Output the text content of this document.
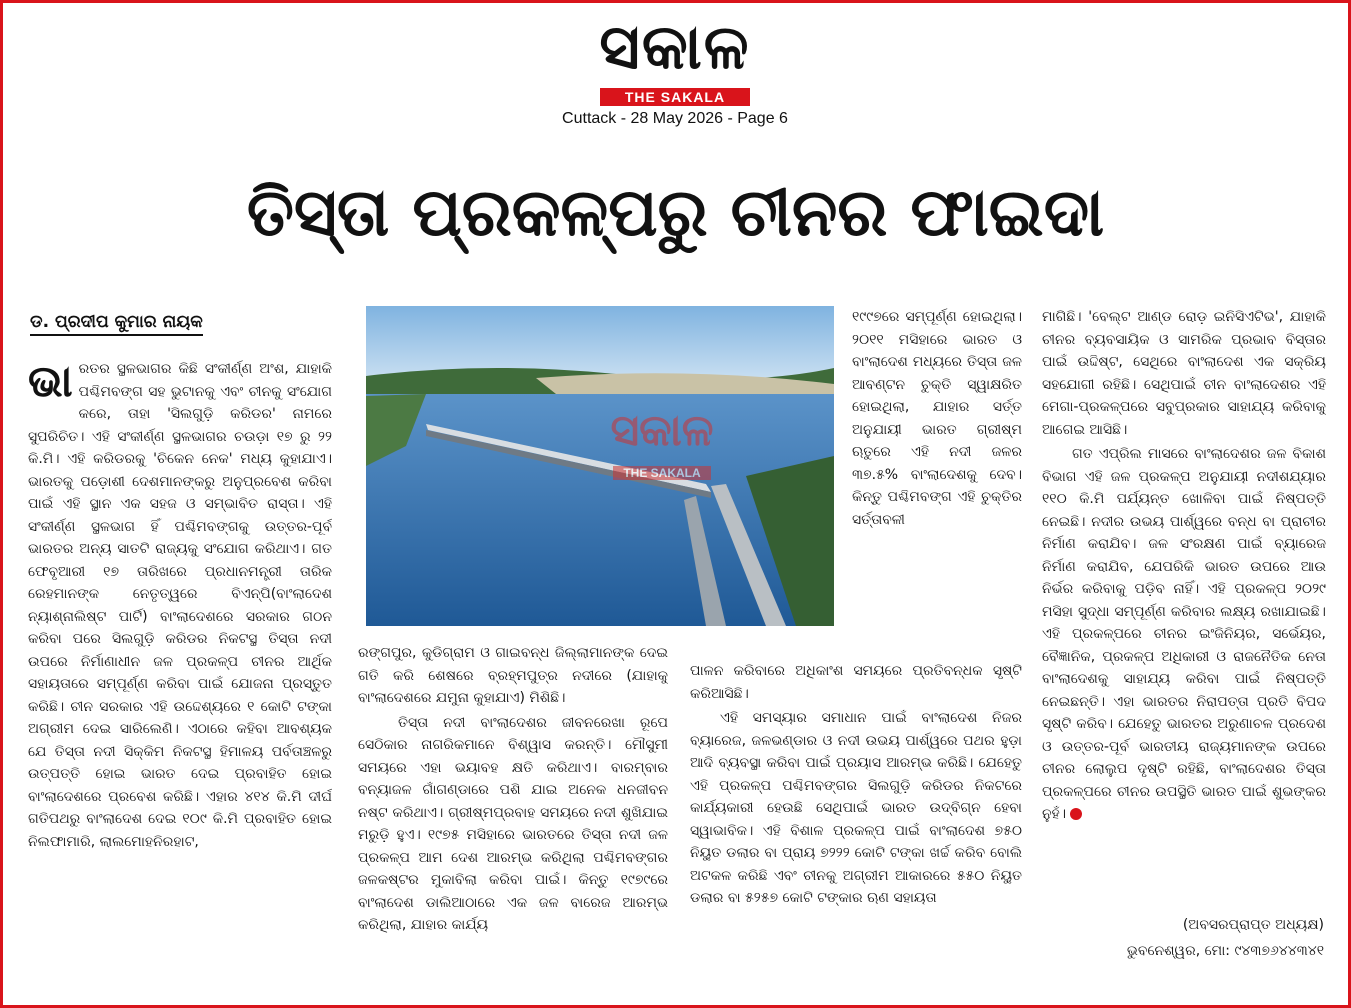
ସକାଳ
THE SAKALA
Cuttack - 28 May 2026 - Page 6
ତିସ୍ତା ପ୍ରକଳ୍ପରୁ ଚୀନର ଫାଇଦା
ଡ. ପ୍ରଦୀପ କୁମାର ନାୟକ
ଭା ରତର ସ୍ଥଳଭାଗର କିଛି ସଂକୀର୍ଣ୍ଣ ଅଂଶ, ଯାହାକି ପଶ୍ଚିମବଙ୍ଗ ସହ ଭୁଟାନକୁ ଏବଂ ଚୀନକୁ ସଂଯୋଗ କରେ, ତାହା 'ସିଲଗୁଡ଼ି କରିଡର' ନାମରେ ସୁପରିଚିତ। ଏହି ସଂକୀର୍ଣ୍ଣ ସ୍ଥଳଭାଗର ଚଉଡ଼ା ୧୭ ରୁ ୨୨ କି.ମି। ଏହି କରିଡରକୁ 'ଚିକେନ ନେକ' ମଧ୍ୟ କୁହାଯାଏ। ଭାରତକୁ ପଡ଼ୋଶୀ ଦେଶମାନଙ୍କରୁ ଅନୁପ୍ରବେଶ କରିବା ପାଇଁ ଏହି ସ୍ଥାନ ଏକ ସହଜ ଓ ସମ୍ଭାବିତ ରାସ୍ତା। ଏହି ସଂକୀର୍ଣ୍ଣ ସ୍ଥଳଭାଗ ହିଁ ପଶ୍ଚିମବଙ୍ଗକୁ ଉତ୍ତର-ପୂର୍ବ ଭାରତର ଅନ୍ୟ ସାତଟି ରାଜ୍ୟକୁ ସଂଯୋଗ କରିଥାଏ। ଗତ ଫେବୃଆରୀ ୧୭ ତାରିଖରେ ପ୍ରଧାନମନ୍ତ୍ରୀ ତାରିକ ରେହମାନଙ୍କ ନେତୃତ୍ୱରେ ବିଏନ୍‌ପି(ବାଂଲାଦେଶ ନ୍ୟାଶ୍ନାଲିଷ୍ଟ ପାର୍ଟି) ବାଂଲାଦେଶରେ ସରକାର ଗଠନ କରିବା ପରେ ସିଲଗୁଡ଼ି କରିଡର ନିକଟସ୍ଥ ତିସ୍ତା ନଦୀ ଉପରେ ନିର୍ମାଣାଧୀନ ଜଳ ପ୍ରକଳ୍ପ ଚୀନର ଆର୍ଥିକ ସହାୟତାରେ ସମ୍ପୂର୍ଣ୍ଣ କରିବା ପାଇଁ ଯୋଜନା ପ୍ରସ୍ତୁତ କରିଛି। ଚୀନ ସରକାର ଏହି ଉଦ୍ଦେଶ୍ୟରେ ୧ କୋଟି ଟଙ୍କା ଅଗ୍ରୀମ ଦେଇ ସାରିଲେଣି। ଏଠାରେ କହିବା ଆବଶ୍ୟକ ଯେ ତିସ୍ତା ନଦୀ ସିକ୍କିମ ନିକଟସ୍ଥ ହିମାଳୟ ପର୍ବତାଞ୍ଚଳରୁ ଉତ୍ପତ୍ତି ହୋଇ ଭାରତ ଦେଇ ପ୍ରବାହିତ ହୋଇ ବାଂଲାଦେଶରେ ପ୍ରବେଶ କରିଛି। ଏହାର ୪୧୪ କି.ମି ଦୀର୍ଘ ଗତିପଥରୁ ବାଂଲାଦେଶ ଦେଇ ୧୦୯ କି.ମି ପ୍ରବାହିତ ହୋଇ ନିଲଫାମାରି, ଲାଲମୋହନିରହାଟ,
ସକାଳ
THE SAKALA

ରଙ୍ଗପୁର, କୁଡିଗ୍ରାମ ଓ ଗାଇବନ୍ଧ ଜିଲ୍ଲାମାନଙ୍କ ଦେଇ ଗତି କରି ଶେଷରେ ବ୍ରହ୍ମପୁତ୍ର ନଦୀରେ (ଯାହାକୁ ବାଂଲାଦେଶରେ ଯମୁନା କୁହାଯାଏ) ମିଶିଛି।

ତିସ୍ତା ନଦୀ ବାଂଲାଦେଶର ଜୀବନରେଖା ରୂପେ ସେଠିକାର ନାଗରିକମାନେ ବିଶ୍ୱାସ କରନ୍ତି। ମୌସୁମୀ ସମୟରେ ଏହା ଭୟାବହ କ୍ଷତି କରିଥାଏ। ବାରମ୍ବାର ବନ୍ୟାଜଳ ଗାଁଗଣ୍ଡାରେ ପଶି ଯାଇ ଅନେକ ଧନଜୀବନ ନଷ୍ଟ କରିଥାଏ। ଗ୍ରୀଷ୍ମପ୍ରବାହ ସମୟରେ ନଦୀ ଶୁଖିଯାଇ ମରୁଡ଼ି ହୁଏ। ୧୯୭୫ ମସିହାରେ ଭାରତରେ ତିସ୍ତା ନଦୀ ଜଳ ପ୍ରକଳ୍ପ ଆମ ଦେଶ ଆରମ୍ଭ କରିଥିଲା ପଶ୍ଚିମବଙ୍ଗର ଜଳକଷ୍ଟର ମୁକାବିଲା କରିବା ପାଇଁ। କିନ୍ତୁ ୧୯୭୯ରେ ବାଂଲାଦେଶ ଡାଲିଆଠାରେ ଏକ ଜଳ ବାରେଜ ଆରମ୍ଭ କରିଥିଲା, ଯାହାର କାର୍ଯ୍ୟ

୧୯୯୭ରେ ସମ୍ପୂର୍ଣ୍ଣ ହୋଇଥିଲା। ୨୦୧୧ ମସିହାରେ ଭାରତ ଓ ବାଂଲାଦେଶ ମଧ୍ୟରେ ତିସ୍ତା ଜଳ ଆବଣ୍ଟନ ଚୁକ୍ତି ସ୍ୱାକ୍ଷରିତ ହୋଇଥିଲା, ଯାହାର ସର୍ତ୍ତ ଅନୁଯାୟୀ ଭାରତ ଗ୍ରୀଷ୍ମ ଋତୁରେ ଏହି ନଦୀ ଜଳର ୩୭.୫% ବାଂଲାଦେଶକୁ ଦେବ। କିନ୍ତୁ ପଶ୍ଚିମବଙ୍ଗ ଏହି ଚୁକ୍ତିର ସର୍ତ୍ତାବଳୀ

ପାଳନ କରିବାରେ ଅଧିକାଂଶ ସମୟରେ ପ୍ରତିବନ୍ଧକ ସୃଷ୍ଟି କରିଆସିଛି।

ଏହି ସମସ୍ୟାର ସମାଧାନ ପାଇଁ ବାଂଲାଦେଶ ନିଜର ବ୍ୟାରେଜ, ଜଳଭଣ୍ଡାର ଓ ନଦୀ ଉଭୟ ପାର୍ଶ୍ୱରେ ପଥର ହୁଡ଼ା ଆଦି ବ୍ୟବସ୍ଥା କରିବା ପାଇଁ ପ୍ରୟାସ ଆରମ୍ଭ କରିଛି। ଯେହେତୁ ଏହି ପ୍ରକଳ୍ପ ପଶ୍ଚିମବଙ୍ଗର ସିଲଗୁଡ଼ି କରିଡର ନିକଟରେ କାର୍ଯ୍ୟକାରୀ ହେଉଛି ସେଥିପାଇଁ ଭାରତ ଉଦ୍‌ବିଗ୍ନ ହେବା ସ୍ୱାଭାବିକ। ଏହି ବିଶାଳ ପ୍ରକଳ୍ପ ପାଇଁ ବାଂଲାଦେଶ ୭୫୦ ନିୟୁତ ଡଲାର ବା ପ୍ରାୟ ୭୨୨୨ କୋଟି ଟଙ୍କା ଖର୍ଚ୍ଚ କରିବ ବୋଲି ଅଟକଳ କରିଛି ଏବଂ ଚୀନକୁ ଅଗ୍ରୀମ ଆକାରରେ ୫୫୦ ନିୟୁତ ଡଲାର ବା ୫୨୫୭ କୋଟି ଟଙ୍କାର ଋଣ ସହାୟତା

ମାଗିଛି। 'ବେଲ୍ଟ ଆଣ୍ଡ ରୋଡ଼ ଇନିସିଏଟିଭ', ଯାହାକି ଚୀନର ବ୍ୟବସାୟିକ ଓ ସାମରିକ ପ୍ରଭାବ ବିସ୍ତାର ପାଇଁ ଉଦ୍ଦିଷ୍ଟ, ସେଥିରେ ବାଂଲାଦେଶ ଏକ ସକ୍ରିୟ ସହଯୋଗୀ ରହିଛି। ସେଥିପାଇଁ ଚୀନ ବାଂଲାଦେଶର ଏହି ମେଗା-ପ୍ରକଳ୍ପରେ ସବୁପ୍ରକାର ସାହାଯ୍ୟ କରିବାକୁ ଆଗେଇ ଆସିଛି।

ଗତ ଏପ୍ରିଲ ମାସରେ ବାଂଲାଦେଶର ଜଳ ବିକାଶ ବିଭାଗ ଏହି ଜଳ ପ୍ରକଳ୍ପ ଅନୁଯାୟୀ ନଦୀଶଯ୍ୟାର ୧୧୦ କି.ମି ପର୍ଯ୍ୟନ୍ତ ଖୋଳିବା ପାଇଁ ନିଷ୍ପତ୍ତି ନେଇଛି। ନଦୀର ଉଭୟ ପାର୍ଶ୍ୱରେ ବନ୍ଧ ବା ପ୍ରାଚୀର ନିର୍ମାଣ କରାଯିବ। ଜଳ ସଂରକ୍ଷଣ ପାଇଁ ବ୍ୟାରେଜ ନିର୍ମାଣ କରାଯିବ, ଯେପରିକି ଭାରତ ଉପରେ ଆଉ ନିର୍ଭର କରିବାକୁ ପଡ଼ିବ ନାହିଁ। ଏହି ପ୍ରକଳ୍ପ ୨୦୨୯ ମସିହା ସୁଦ୍ଧା ସମ୍ପୂର୍ଣ୍ଣ କରିବାର ଲକ୍ଷ୍ୟ ରଖାଯାଇଛି। ଏହି ପ୍ରକଳ୍ପରେ ଚୀନର ଇଂଜିନିୟର, ସର୍ଭେୟର, ବୈଜ୍ଞାନିକ, ପ୍ରକଳ୍ପ ଅଧିକାରୀ ଓ ରାଜନୈତିକ ନେତା ବାଂଲାଦେଶକୁ ସାହାଯ୍ୟ କରିବା ପାଇଁ ନିଷ୍ପତ୍ତି ନେଇଛନ୍ତି। ଏହା ଭାରତର ନିରାପତ୍ତା ପ୍ରତି ବିପଦ ସୃଷ୍ଟି କରିବ। ଯେହେତୁ ଭାରତର ଅରୁଣାଚଳ ପ୍ରଦେଶ ଓ ଉତ୍ତର-ପୂର୍ବ ଭାରତୀୟ ରାଜ୍ୟମାନଙ୍କ ଉପରେ ଚୀନର ଲୋଲୁପ ଦୃଷ୍ଟି ରହିଛି, ବାଂଲାଦେଶର ତିସ୍ତା ପ୍ରକଳ୍ପରେ ଚୀନର ଉପସ୍ଥିତି ଭାରତ ପାଇଁ ଶୁଭଙ୍କର ନୁହଁ।

(ଅବସରପ୍ରାପ୍ତ ଅଧ୍ୟକ୍ଷ)
ଭୁବନେଶ୍ୱର, ମୋ: ୯୪୩୭୬୪୪୩୪୧
